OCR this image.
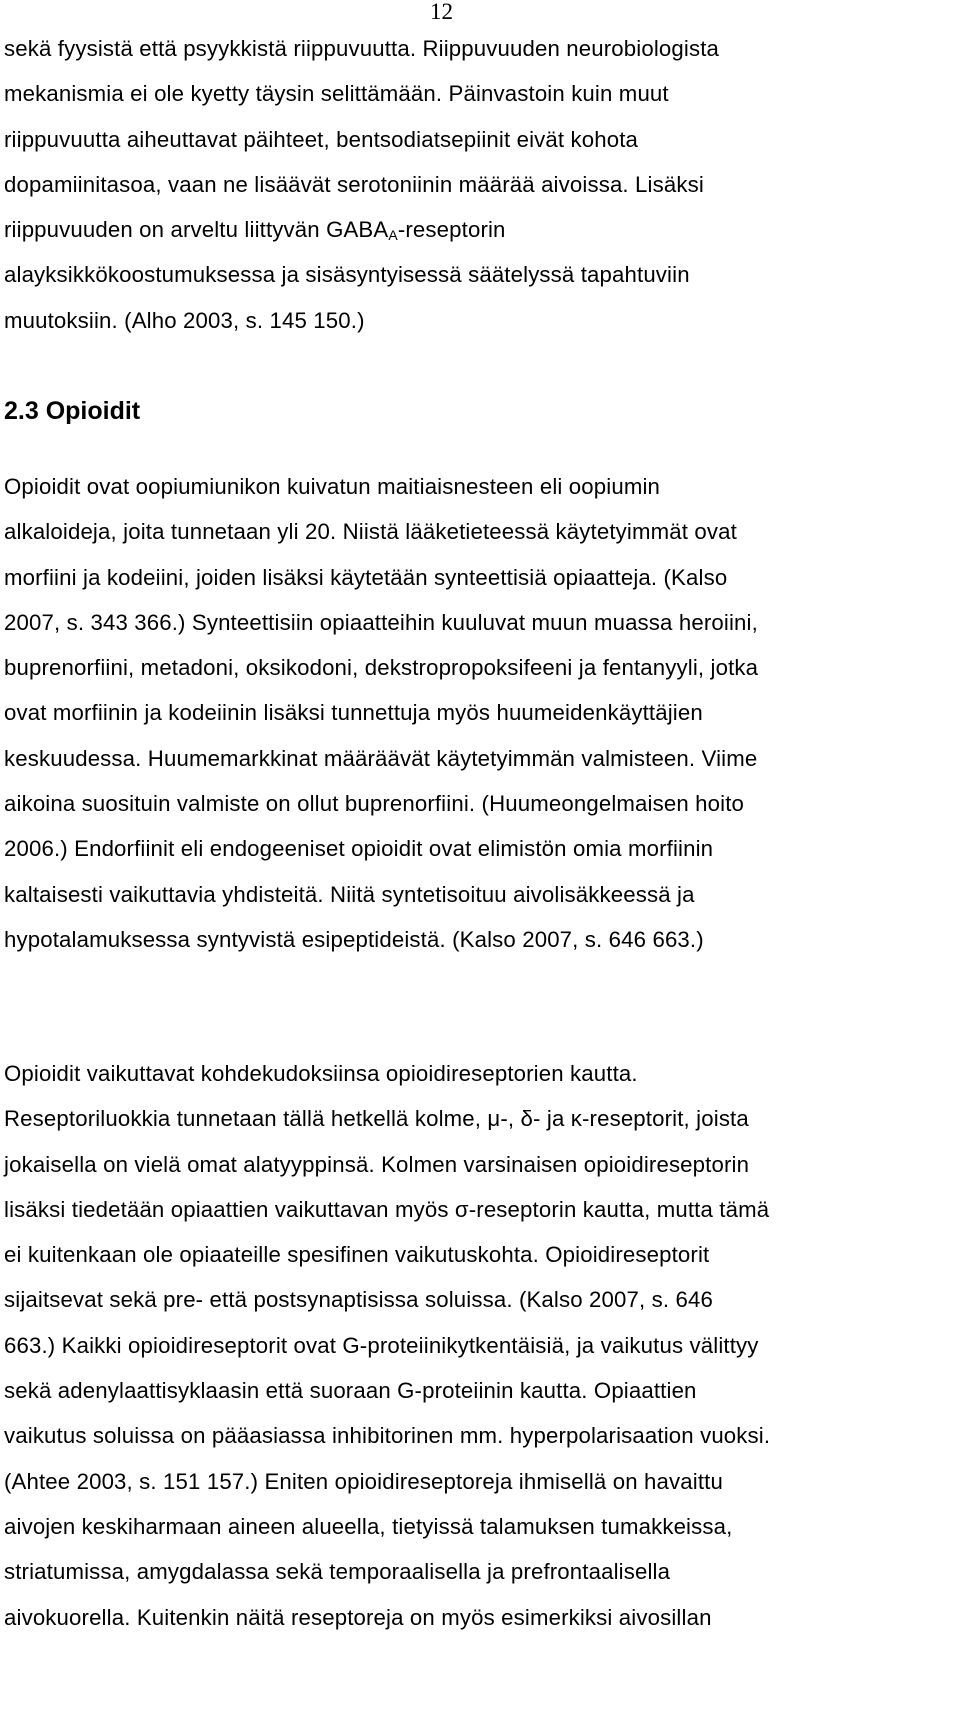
12
sekä fyysistä että psyykkistä riippuvuutta. Riippuvuuden neurobiologista
mekanismia ei ole kyetty täysin selittämään. Päinvastoin kuin muut
riippuvuutta aiheuttavat päihteet, bentsodiatsepiinit eivät kohota
dopamiinitasoa, vaan ne lisäävät serotoniinin määrää aivoissa. Lisäksi
riippuvuuden on arveltu liittyvän $GABA_A$-reseptorin
alayksikkökoostumuksessa ja sisäsyntyisessä säätelyssä tapahtuviin
muutoksiin. (Alho 2003, s. 145 150.)
2.3 Opioidit
Opioidit ovat oopiumiunikon kuivatun maitiaisnesteen eli oopiumin
alkaloideja, joita tunnetaan yli 20. Niistä lääketieteessä käytetyimmät ovat
morfiini ja kodeiini, joiden lisäksi käytetään synteettisiä opiaatteja. (Kalso
2007, s. 343 366.) Synteettisiin opiaatteihin kuuluvat muun muassa heroiini,
buprenorfiini, metadoni, oksikodoni, dekstropropoksifeeni ja fentanyyli, jotka
ovat morfiinin ja kodeiinin lisäksi tunnettuja myös huumeidenkäyttäjien
keskuudessa. Huumemarkkinat määräävät käytetyimmän valmisteen. Viime
aikoina suosituin valmiste on ollut buprenorfiini. (Huumeongelmaisen hoito
2006.) Endorfiinit eli endogeeniset opioidit ovat elimistön omia morfiinin
kaltaisesti vaikuttavia yhdisteitä. Niitä syntetisoituu aivolisäkkeessä ja
hypotalamuksessa syntyvistä esipeptideistä. (Kalso 2007, s. 646 663.)
Opioidit vaikuttavat kohdekudoksiinsa opioidireseptorien kautta.
Reseptoriluokkia tunnetaan tällä hetkellä kolme, μ-, δ- ja κ-reseptorit, joista
jokaisella on vielä omat alatyyppinsä. Kolmen varsinaisen opioidireseptorin
lisäksi tiedetään opiaattien vaikuttavan myös σ-reseptorin kautta, mutta tämä
ei kuitenkaan ole opiaateille spesifinen vaikutuskohta. Opioidireseptorit
sijaitsevat sekä pre- että postsynaptisissa soluissa. (Kalso 2007, s. 646
663.) Kaikki opioidireseptorit ovat G-proteiinikytkentäisiä, ja vaikutus välittyy
sekä adenylaattisyklaasin että suoraan G-proteiinin kautta. Opiaattien
vaikutus soluissa on pääasiassa inhibitorinen mm. hyperpolarisaation vuoksi.
(Ahtee 2003, s. 151 157.) Eniten opioidireseptoreja ihmisellä on havaittu
aivojen keskiharmaan aineen alueella, tietyissä talamuksen tumakkeissa,
striatumissa, amygdalassa sekä temporaalisella ja prefrontaalisella
aivokuorella. Kuitenkin näitä reseptoreja on myös esimerkiksi aivosillan
